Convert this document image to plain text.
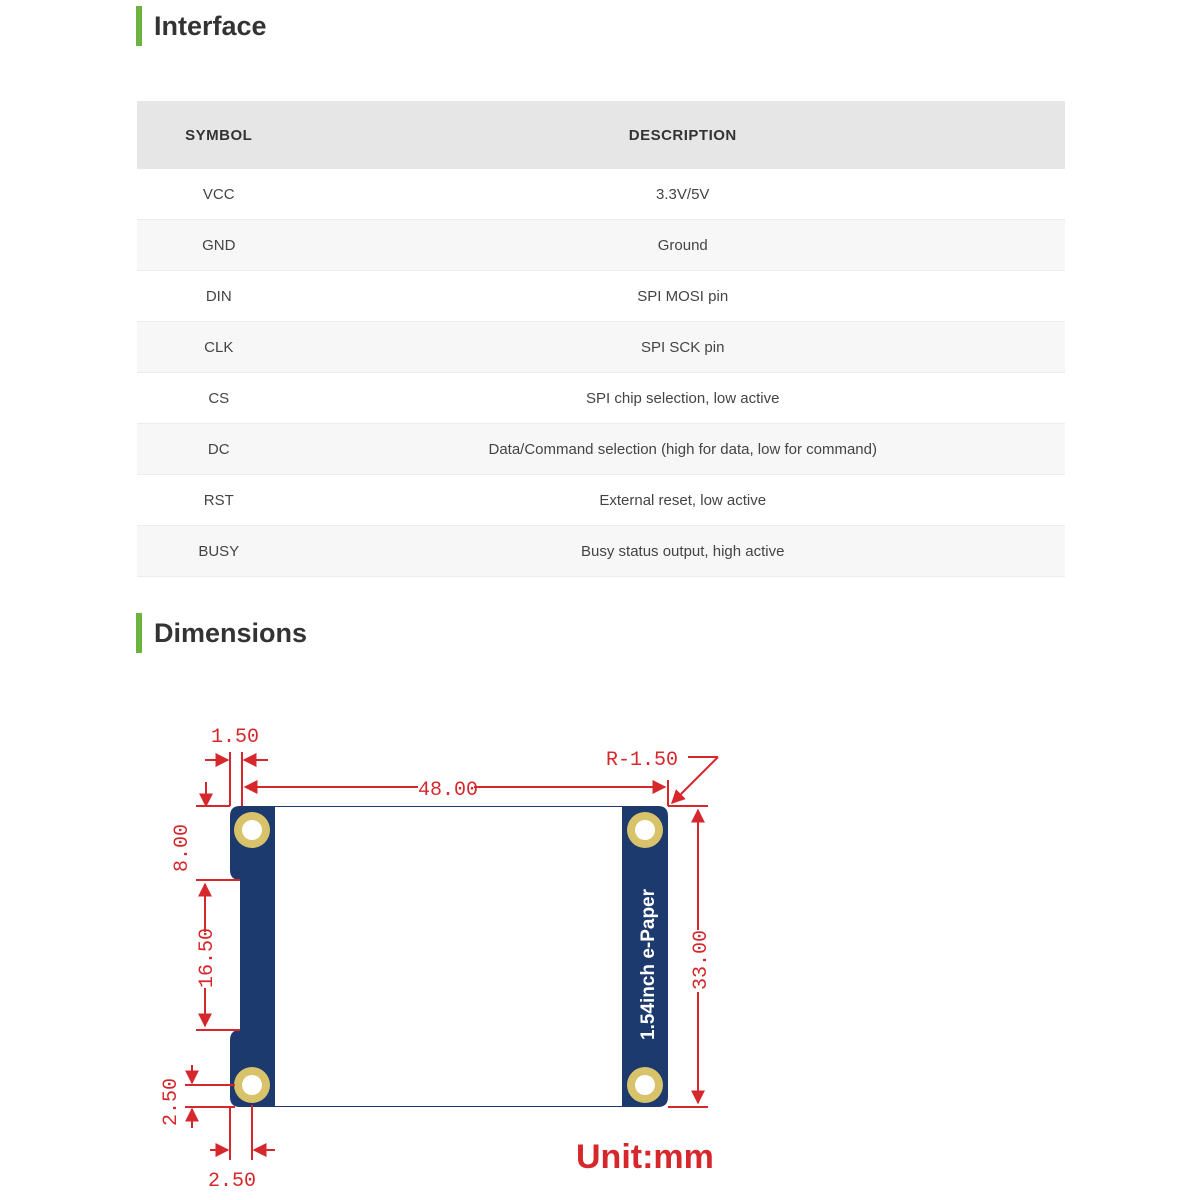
Interface
SYMBOL	DESCRIPTION
VCC	3.3V/5V
GND	Ground
DIN	SPI MOSI pin
CLK	SPI SCK pin
CS	SPI chip selection, low active
DC	Data/Command selection (high for data, low for command)
RST	External reset, low active
BUSY	Busy status output, high active
Dimensions
1.54inch e-Paper
1.50
R-1.50
48.00
8.00
16.50	33.00
2.50
2.50
Unit:mm
